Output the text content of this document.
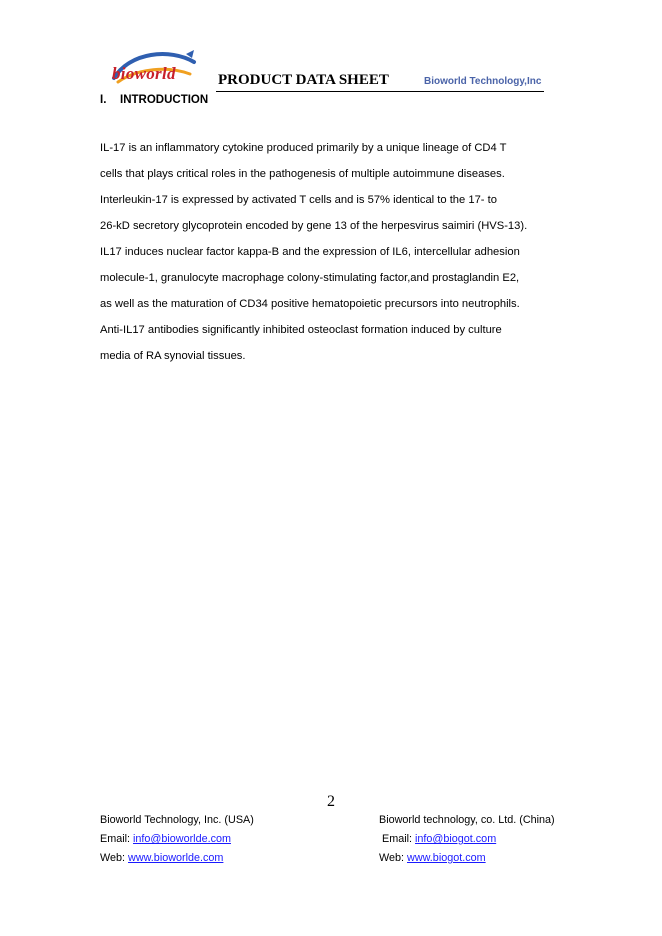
bioworld	PRODUCT DATA SHEET	Bioworld Technology,Inc
I. INTRODUCTION
IL-17 is an inflammatory cytokine produced primarily by a unique lineage of CD4 T
cells that plays critical roles in the pathogenesis of multiple autoimmune diseases.
Interleukin-17 is expressed by activated T cells and is 57% identical to the 17- to
26-kD secretory glycoprotein encoded by gene 13 of the herpesvirus saimiri (HVS-13).
IL17 induces nuclear factor kappa-B and the expression of IL6, intercellular adhesion
molecule-1, granulocyte macrophage colony-stimulating factor,and prostaglandin E2,
as well as the maturation of CD34 positive hematopoietic precursors into neutrophils.
Anti-IL17 antibodies significantly inhibited osteoclast formation induced by culture
media of RA synovial tissues.
2
Bioworld Technology, Inc. (USA)
Email: info@bioworlde.com
Web: www.bioworlde.com
Bioworld technology, co. Ltd. (China)
Email: info@biogot.com
Web: www.biogot.com
